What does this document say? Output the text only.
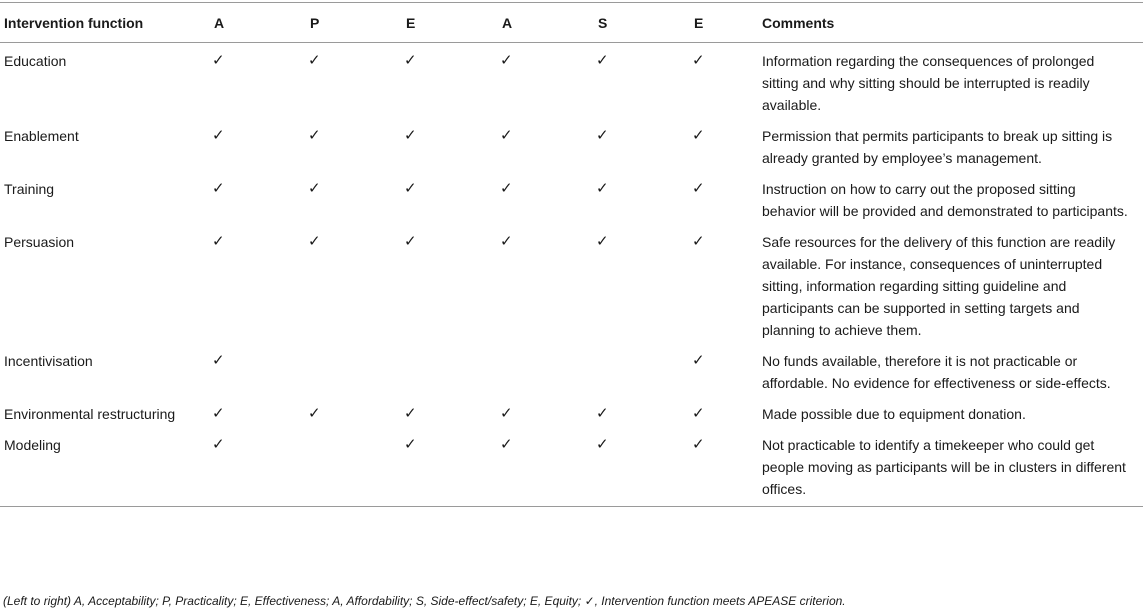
Intervention function	A	P	E	A	S	E	Comments
Education	✓	✓	✓	✓	✓	✓	Information regarding the consequences of prolonged sitting and why sitting should be interrupted is readily available.
Enablement	✓	✓	✓	✓	✓	✓	Permission that permits participants to break up sitting is already granted by employee’s management.
Training	✓	✓	✓	✓	✓	✓	Instruction on how to carry out the proposed sitting behavior will be provided and demonstrated to participants.
Persuasion	✓	✓	✓	✓	✓	✓	Safe resources for the delivery of this function are readily available. For instance, consequences of uninterrupted sitting, information regarding sitting guideline and participants can be supported in setting targets and planning to achieve them.
Incentivisation	✓					✓	No funds available, therefore it is not practicable or affordable. No evidence for effectiveness or side-effects.
Environmental restructuring	✓	✓	✓	✓	✓	✓	Made possible due to equipment donation.
Modeling	✓		✓	✓	✓	✓	Not practicable to identify a timekeeper who could get people moving as participants will be in clusters in different offices.
(Left to right) A, Acceptability; P, Practicality; E, Effectiveness; A, Affordability; S, Side-effect/safety; E, Equity; ✓, Intervention function meets APEASE criterion.
